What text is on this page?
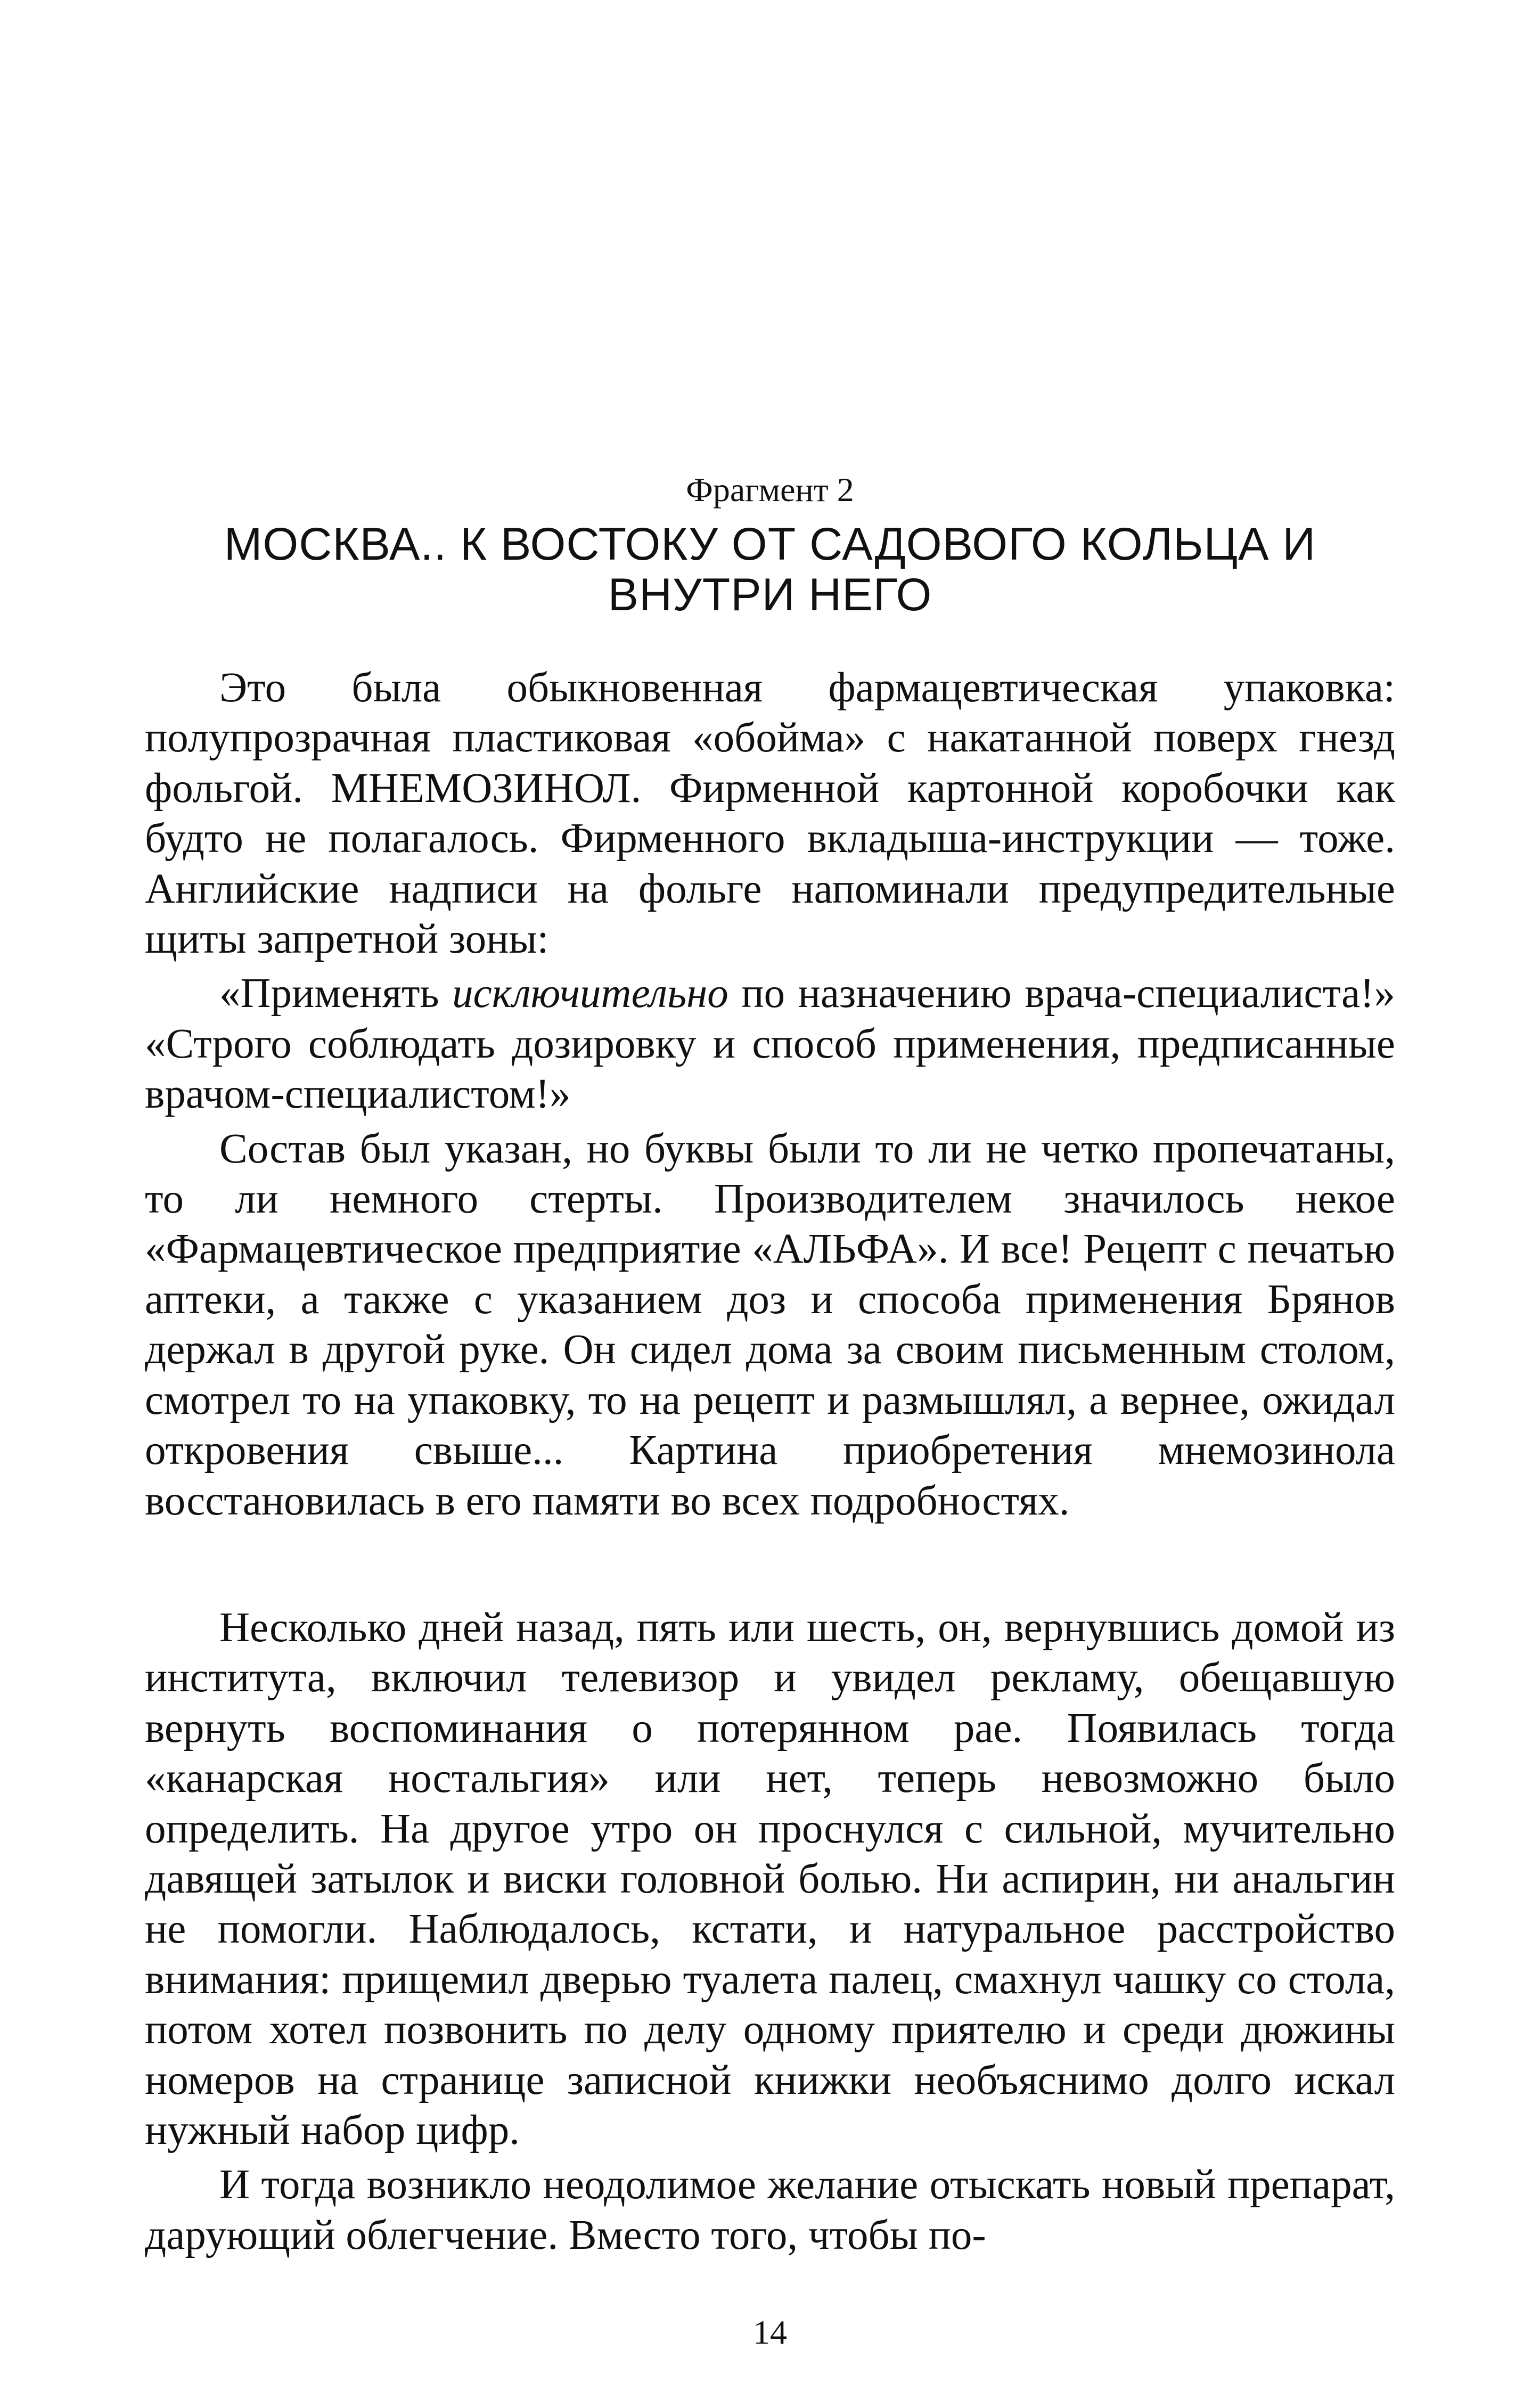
Фрагмент 2
МОСКВА.. К ВОСТОКУ ОТ САДОВОГО КОЛЬЦА И ВНУТРИ НЕГО

Это была обыкновенная фармацевтическая упаковка: полупрозрачная пластиковая «обойма» с накатанной поверх гнезд фольгой. МНЕМОЗИНОЛ. Фирменной картонной коробочки как будто не полагалось. Фирменного вкладыша-инструкции — тоже. Английские надписи на фольге напоминали предупредительные щиты запретной зоны:

«Применять исключительно по назначению врача-специалиста!» «Строго соблюдать дозировку и способ применения, предписанные врачом-специалистом!»

Состав был указан, но буквы были то ли не четко пропечатаны, то ли немного стерты. Производителем значилось некое «Фармацевтическое предприятие «АЛЬФА». И все! Рецепт с печатью аптеки, а также с указанием доз и способа применения Брянов держал в другой руке. Он сидел дома за своим письменным столом, смотрел то на упаковку, то на рецепт и размышлял, а вернее, ожидал откровения свыше... Картина приобретения мнемозинола восстановилась в его памяти во всех подробностях.

Несколько дней назад, пять или шесть, он, вернувшись домой из института, включил телевизор и увидел рекламу, обещавшую вернуть воспоминания о потерянном рае. Появилась тогда «канарская ностальгия» или нет, теперь невозможно было определить. На другое утро он проснулся с сильной, мучительно давящей затылок и виски головной болью. Ни аспирин, ни анальгин не помогли. Наблюдалось, кстати, и натуральное расстройство внимания: прищемил дверью туалета палец, смахнул чашку со стола, потом хотел позвонить по делу одному приятелю и среди дюжины номеров на странице записной книжки необъяснимо долго искал нужный набор цифр.

И тогда возникло неодолимое желание отыскать новый препарат, дарующий облегчение. Вместо того, чтобы по-

14
